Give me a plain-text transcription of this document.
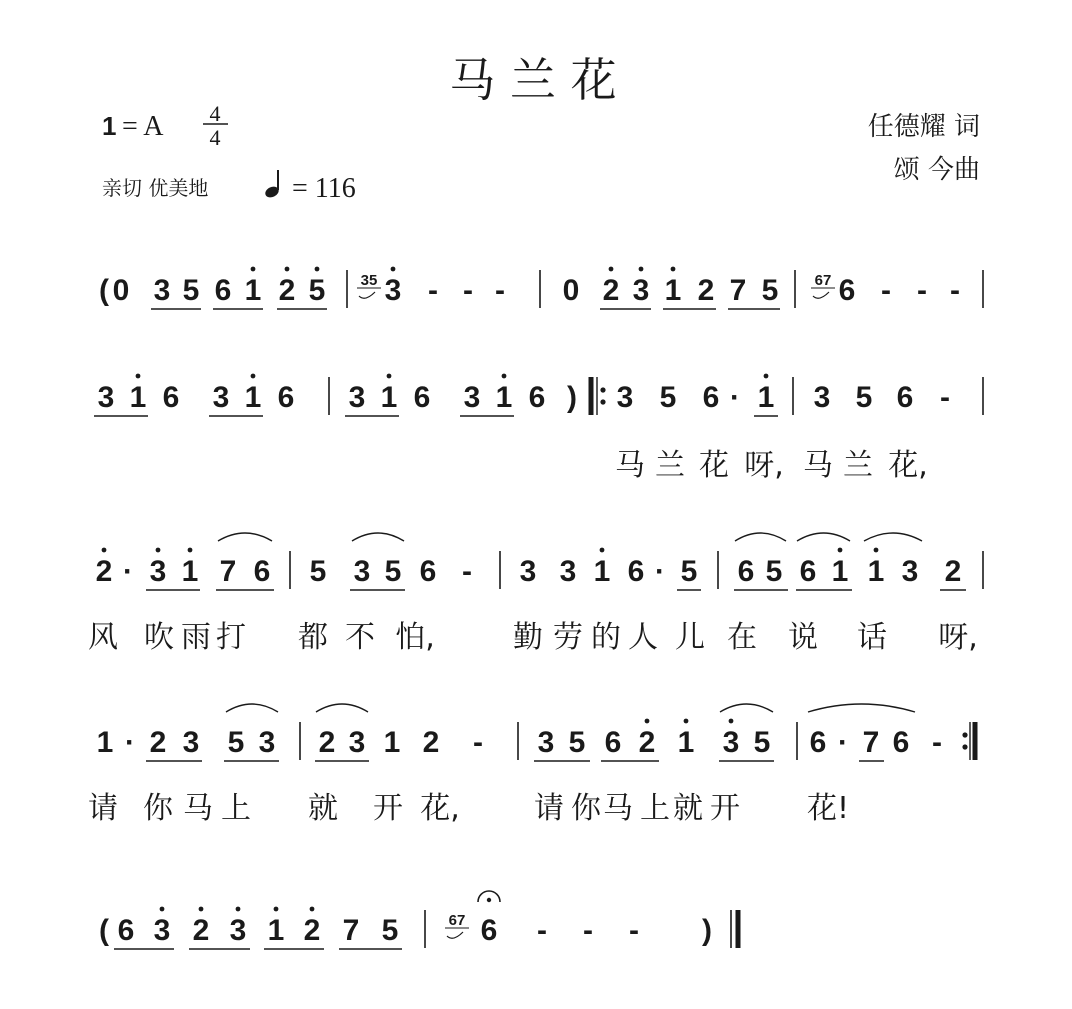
马 兰 花
1 = A 4
4
亲切 优美地	= 116
任德耀 词
颂 今曲
( 0 3 5 6 1 2 5 3
35 - - - 0 2 3 1 2 7 5 6
67 - - -
3 1 6 3 1 6 3 1 6 3 1 6 ) 3 5 6 · 1 3 5 6 -
2 · 3 1 7 6 5 3 5 6 - 3 3 1 6 · 5 6 5 6 1 1 3 2
1 · 2 3 5 3 2 3 1 2 - 3 5 6 2 1 3 5 6 · 7 6 -
( 6 3 2 3 1 2 7 5	6 - - - )
67
马 兰 花 呀, 马 兰 花,
风 吹 雨 打 都 不 怕,	勤 劳 的 人 儿 在 说 话 呀,
请 你 马 上 就 开 花, 请 你 马 上 就 开 花!
